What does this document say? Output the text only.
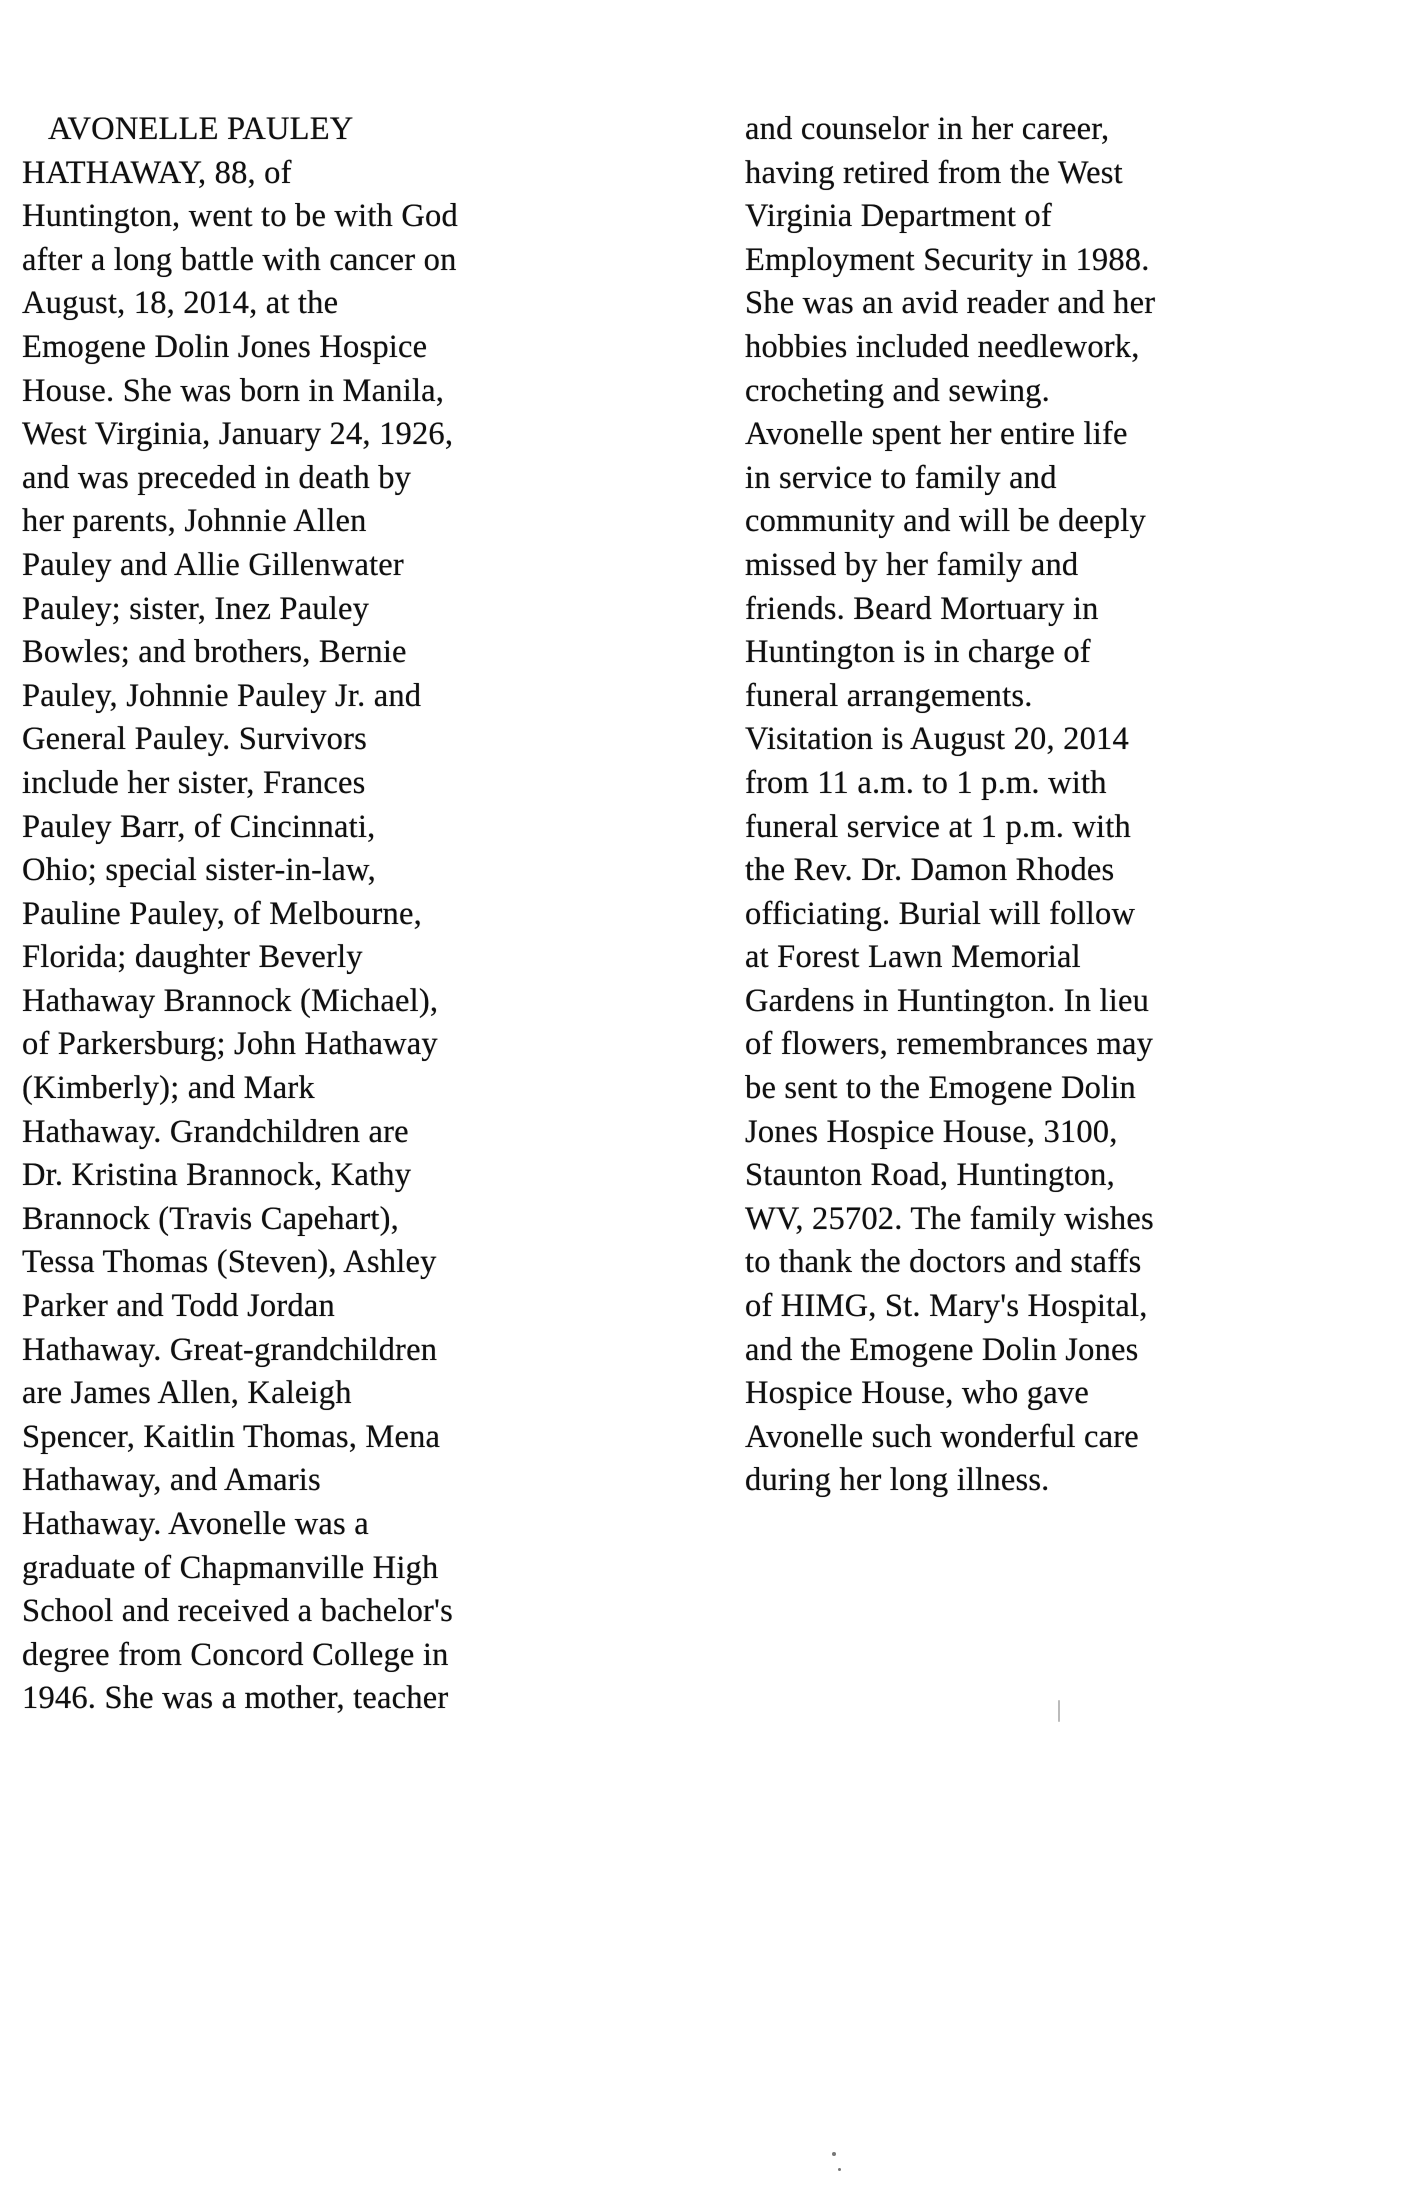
AVONELLE PAULEY
HATHAWAY, 88, of
Huntington, went to be with God
after a long battle with cancer on
August, 18, 2014, at the
Emogene Dolin Jones Hospice
House. She was born in Manila,
West Virginia, January 24, 1926,
and was preceded in death by
her parents, Johnnie Allen
Pauley and Allie Gillenwater
Pauley; sister, Inez Pauley
Bowles; and brothers, Bernie
Pauley, Johnnie Pauley Jr. and
General Pauley. Survivors
include her sister, Frances
Pauley Barr, of Cincinnati,
Ohio; special sister-in-law,
Pauline Pauley, of Melbourne,
Florida; daughter Beverly
Hathaway Brannock (Michael),
of Parkersburg; John Hathaway
(Kimberly); and Mark
Hathaway. Grandchildren are
Dr. Kristina Brannock, Kathy
Brannock (Travis Capehart),
Tessa Thomas (Steven), Ashley
Parker and Todd Jordan
Hathaway. Great-grandchildren
are James Allen, Kaleigh
Spencer, Kaitlin Thomas, Mena
Hathaway, and Amaris
Hathaway. Avonelle was a
graduate of Chapmanville High
School and received a bachelor's
degree from Concord College in
1946. She was a mother, teacher
and counselor in her career,
having retired from the West
Virginia Department of
Employment Security in 1988.
She was an avid reader and her
hobbies included needlework,
crocheting and sewing.
Avonelle spent her entire life
in service to family and
community and will be deeply
missed by her family and
friends. Beard Mortuary in
Huntington is in charge of
funeral arrangements.
Visitation is August 20, 2014
from 11 a.m. to 1 p.m. with
funeral service at 1 p.m. with
the Rev. Dr. Damon Rhodes
officiating. Burial will follow
at Forest Lawn Memorial
Gardens in Huntington. In lieu
of flowers, remembrances may
be sent to the Emogene Dolin
Jones Hospice House, 3100,
Staunton Road, Huntington,
WV, 25702. The family wishes
to thank the doctors and staffs
of HIMG, St. Mary's Hospital,
and the Emogene Dolin Jones
Hospice House, who gave
Avonelle such wonderful care
during her long illness.
